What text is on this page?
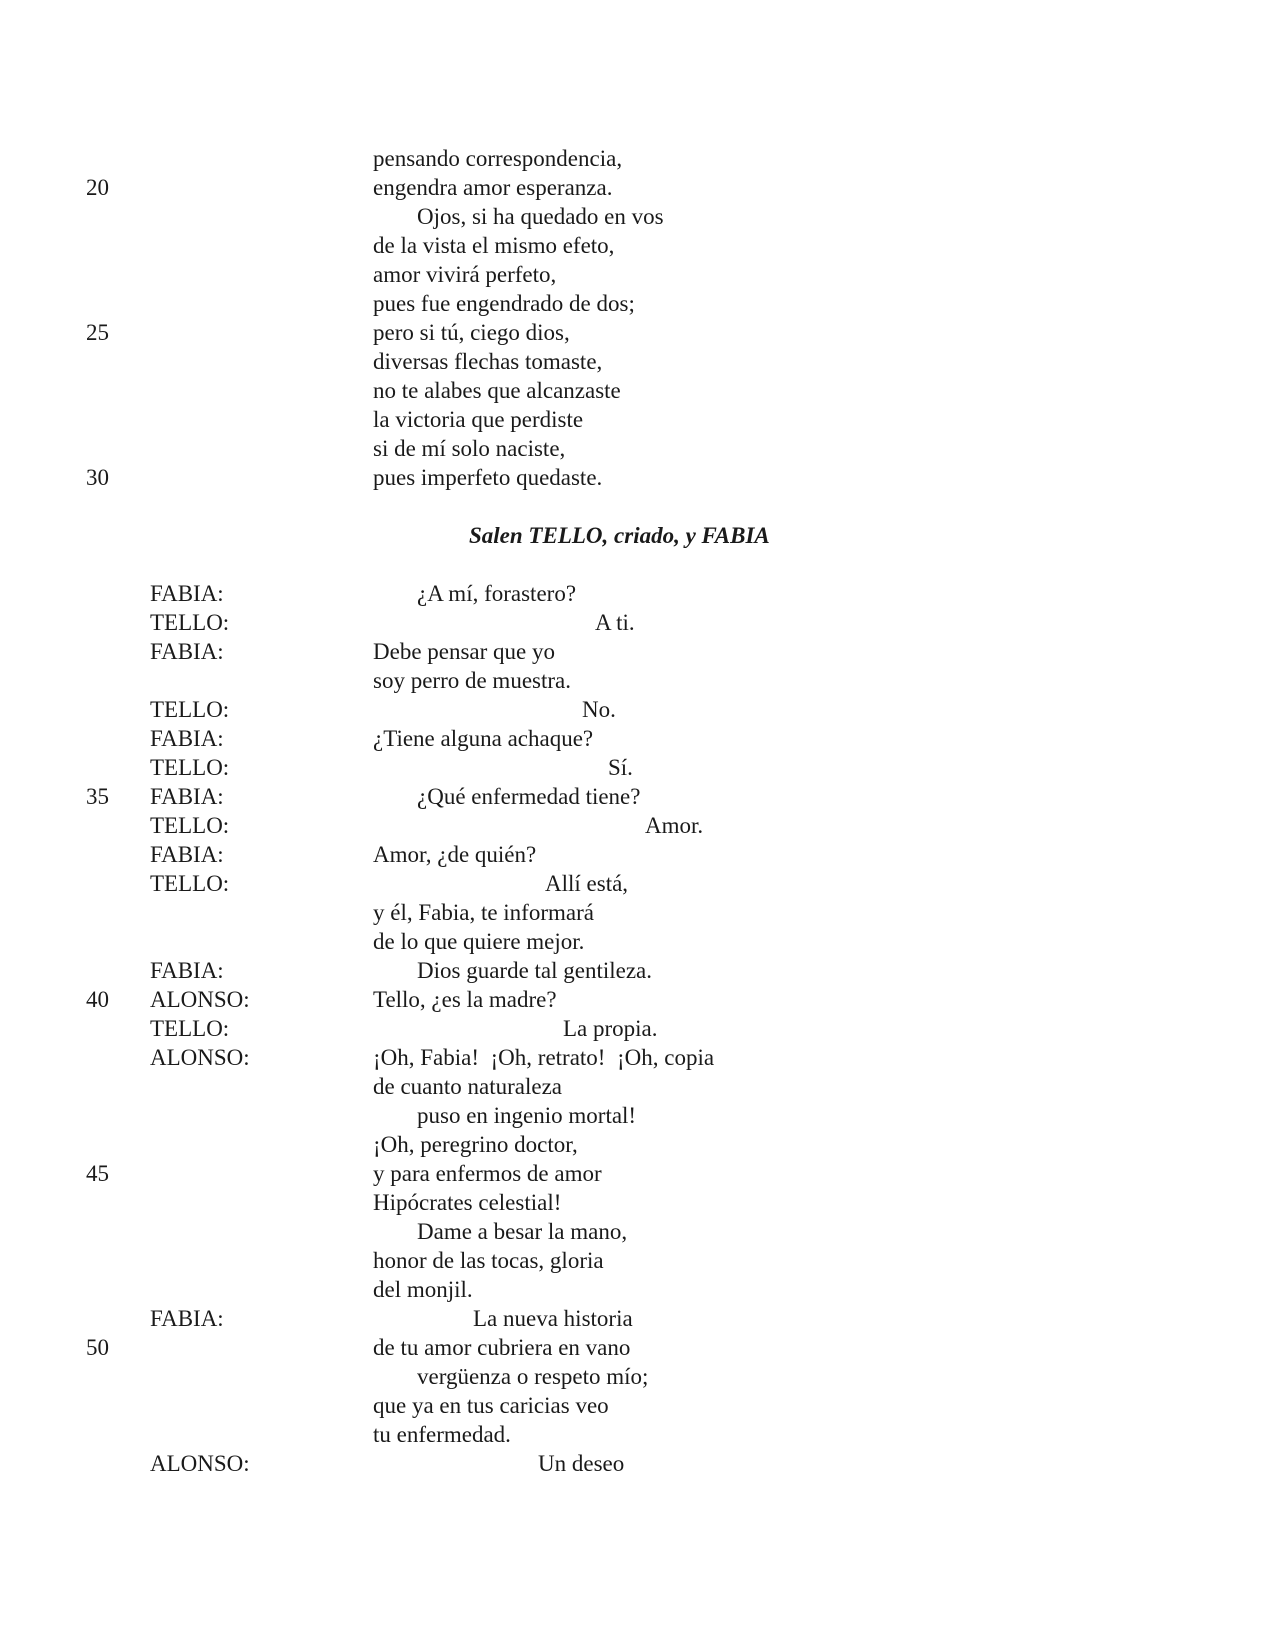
pensando correspondencia,
20	engendra amor esperanza.
Ojos, si ha quedado en vos
de la vista el mismo efeto,
amor vivirá perfeto,
pues fue engendrado de dos;
25	pero si tú, ciego dios,
diversas flechas tomaste,
no te alabes que alcanzaste
la victoria que perdiste
si de mí solo naciste,
30	pues imperfeto quedaste.
Salen TELLO, criado, y FABIA
FABIA:	¿A mí, forastero?
TELLO:	A ti.
FABIA:	Debe pensar que yo
soy perro de muestra.
TELLO:	No.
FABIA:	¿Tiene alguna achaque?
TELLO:	Sí.
35 FABIA:	¿Qué enfermedad tiene?
TELLO:	Amor.
FABIA:	Amor, ¿de quién?
TELLO:	Allí está,
y él, Fabia, te informará
de lo que quiere mejor.
FABIA:	Dios guarde tal gentileza.
40 ALONSO:	Tello, ¿es la madre?
TELLO:	La propia.
ALONSO:	¡Oh, Fabia!  ¡Oh, retrato!  ¡Oh, copia
de cuanto naturaleza
puso en ingenio mortal!
¡Oh, peregrino doctor,
45	y para enfermos de amor
Hipócrates celestial!
Dame a besar la mano,
honor de las tocas, gloria
del monjil.
FABIA:	La nueva historia
50	de tu amor cubriera en vano
vergüenza o respeto mío;
que ya en tus caricias veo
tu enfermedad.
ALONSO:	Un deseo
